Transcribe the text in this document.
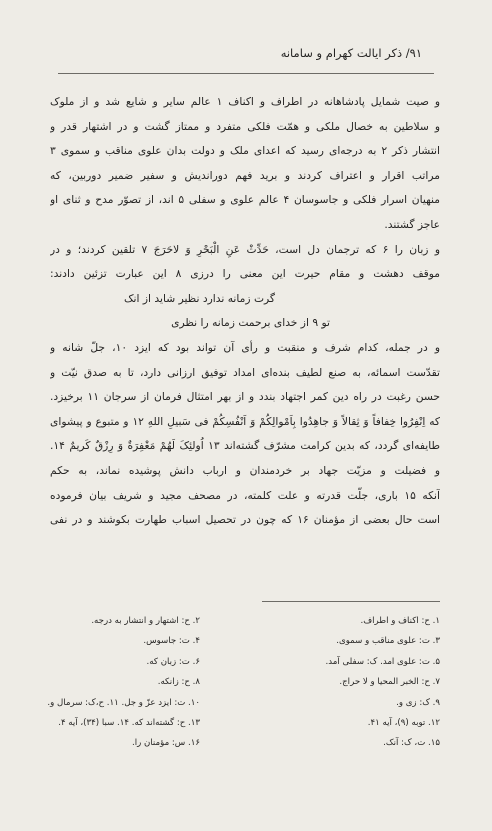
۹۱/ ذکر ایالت کهرام و سامانه
و صیت شمایل پادشاهانه در اطراف و اکناف ۱ عالم سایر و شایع شد و از ملوک
و سلاطین به خصال ملکی و همّت فلکی متفرد و ممتاز گشت و در اشتهار قدر و
انتشار ذکر ۲ به درجه‌ای رسید که اعدای ملک و دولت بدان علوی مناقب و سموی ۳
مراتب اقرار و اعتراف کردند و برید فهم دوراندیش و سفیر ضمیر دوربین، که
منهیان اسرار فلکی و جاسوسان ۴ عالم علوی و سفلی ۵ اند، از تصوّر مدح و ثنای او
عاجز گشتند.
و زبان را ۶ که ترجمان دل است، حَدِّثْ عَنِ الْبَحْرِ وَ لاحَرَجَ ۷ تلقین کردند؛ و در
موقف دهشت و مقام حیرت این معنی را درزی ۸ این عبارت تزئین دادند:
گرت زمانه ندارد نظیر شاید از انک
تو ۹ از خدای برحمت زمانه را نظری
و در جمله، کدام شرف و منقبت و رأی آن تواند بود که ایزد ۱۰، جلّ شانه و
تقدّست اسمائه، به صنع لطیف بنده‌ای امداد توفیق ارزانی دارد، تا به صدق نیّت و
حسن رغبت در راه دین کمر اجتهاد بندد و از بهر امتثال فرمان از سرجان ۱۱ برخیزد.
که اِنْفِرُوا خِفافاً وَ ثِقالاً وَ جاهِدُوا بِاَمْوالِکُمْ وَ اَنْفُسِکُمْ فی سَبیلِ اللهِ ۱۲ و متبوع و پیشوای
طایفه‌ای گردد، که بدین کرامت مشرّف گشته‌اند ۱۳ اُولئِکَ لَهُمْ مَغْفِرَةٌ وَ رِزْقٌ کَریمٌ ۱۴.
و فضیلت و مزیّت جهاد بر خردمندان و ارباب دانش پوشیده نماند، به حکم
آنکه ۱۵ باری، جلّت قدرته و علت کلمته، در مصحف مجید و شریف بیان فرموده
است حال بعضی از مؤمنان ۱۶ که چون در تحصیل اسباب طهارت بکوشند و در نفی
۱. ح: اکناف و اطراف.
۲. ح: اشتهار و انتشار به درجه.
۳. ت: علوی مناقب و سموی.
۴. ت: جاسوس.
۵. ت: علوی امد. ک: سفلی آمد.
۶. ت: زبان که.
۷. ح: الخبر المحیا و لا حراج.
۸. ح: زانکه.
۹. ک: زی و.
۱۰. ت: ایزد عزّ و جل. ۱۱. ح،ک: سرمال و.
۱۲. توبه (۹)، آیه ۴۱.
۱۳. ح: گشته‌اند که. ۱۴. سبا (۳۴)، آیه ۴.
۱۵. ت، ک: آنک.
۱۶. س: مؤمنان را.
